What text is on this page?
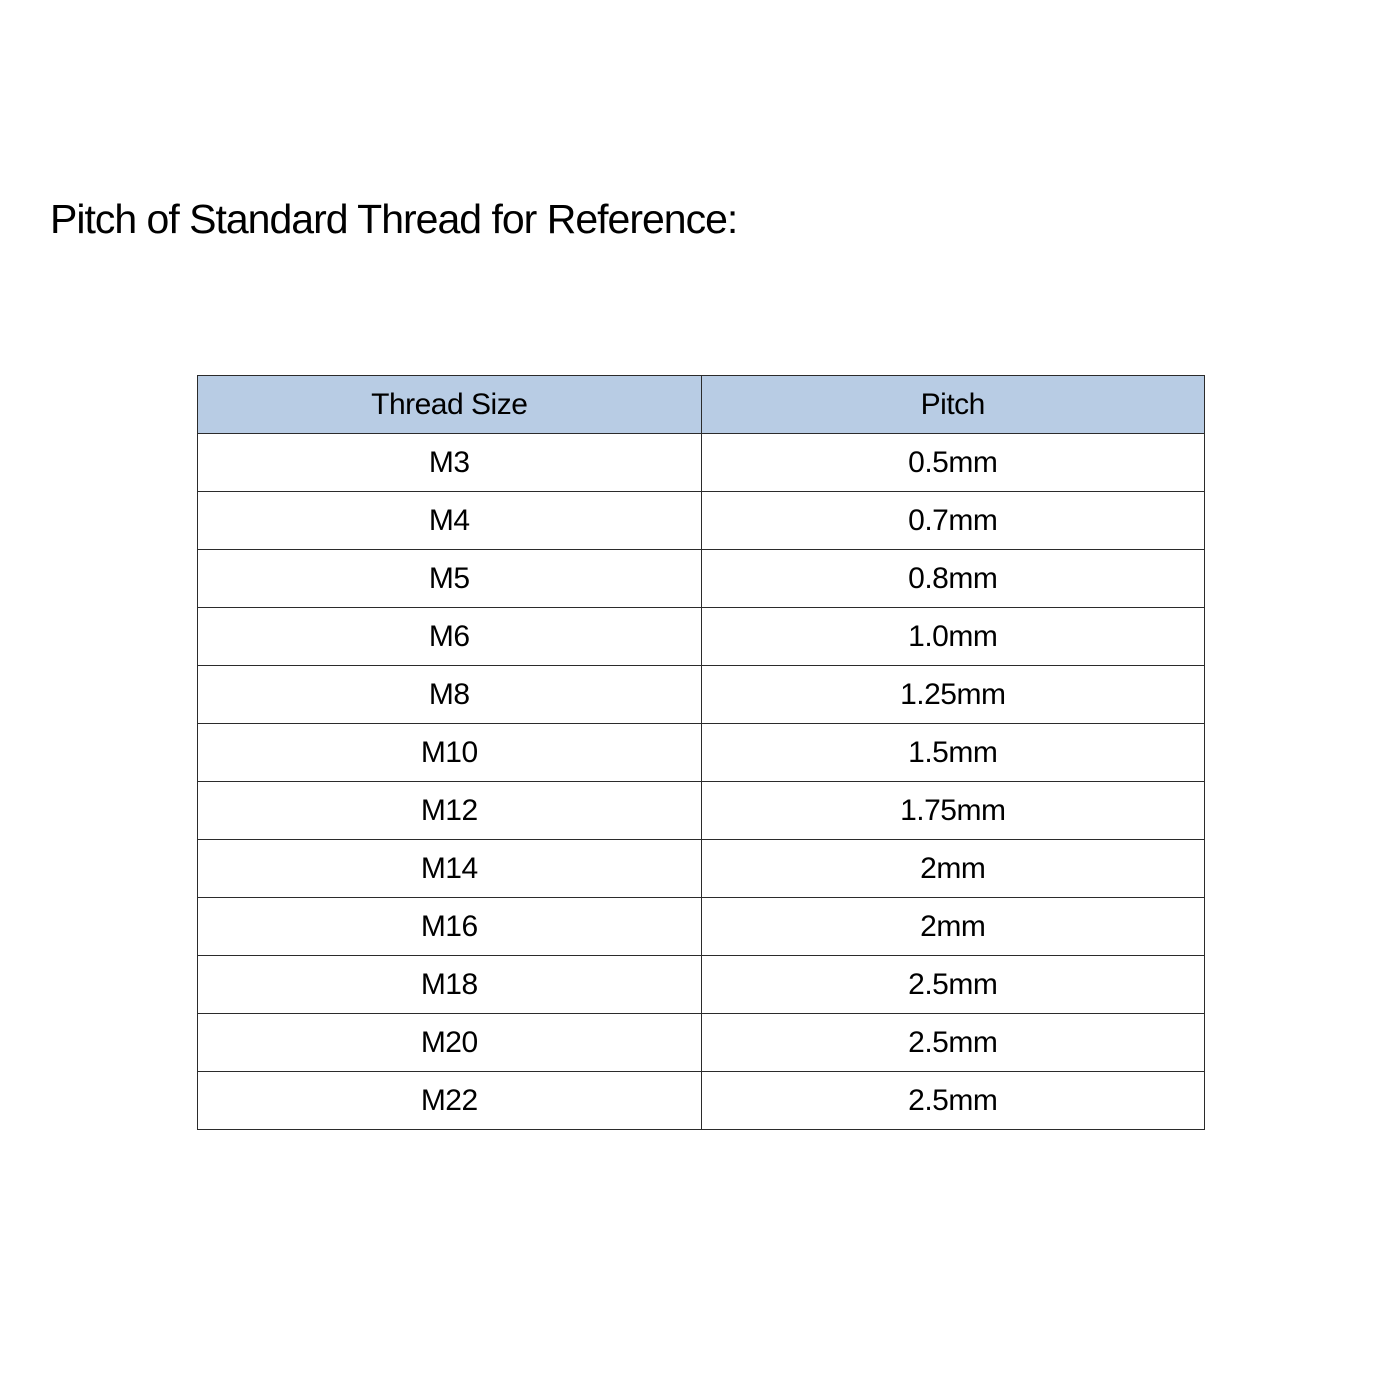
Pitch of Standard Thread for Reference:
Thread Size	Pitch
M3	0.5mm
M4	0.7mm
M5	0.8mm
M6	1.0mm
M8	1.25mm
M10	1.5mm
M12	1.75mm
M14	2mm
M16	2mm
M18	2.5mm
M20	2.5mm
M22	2.5mm
